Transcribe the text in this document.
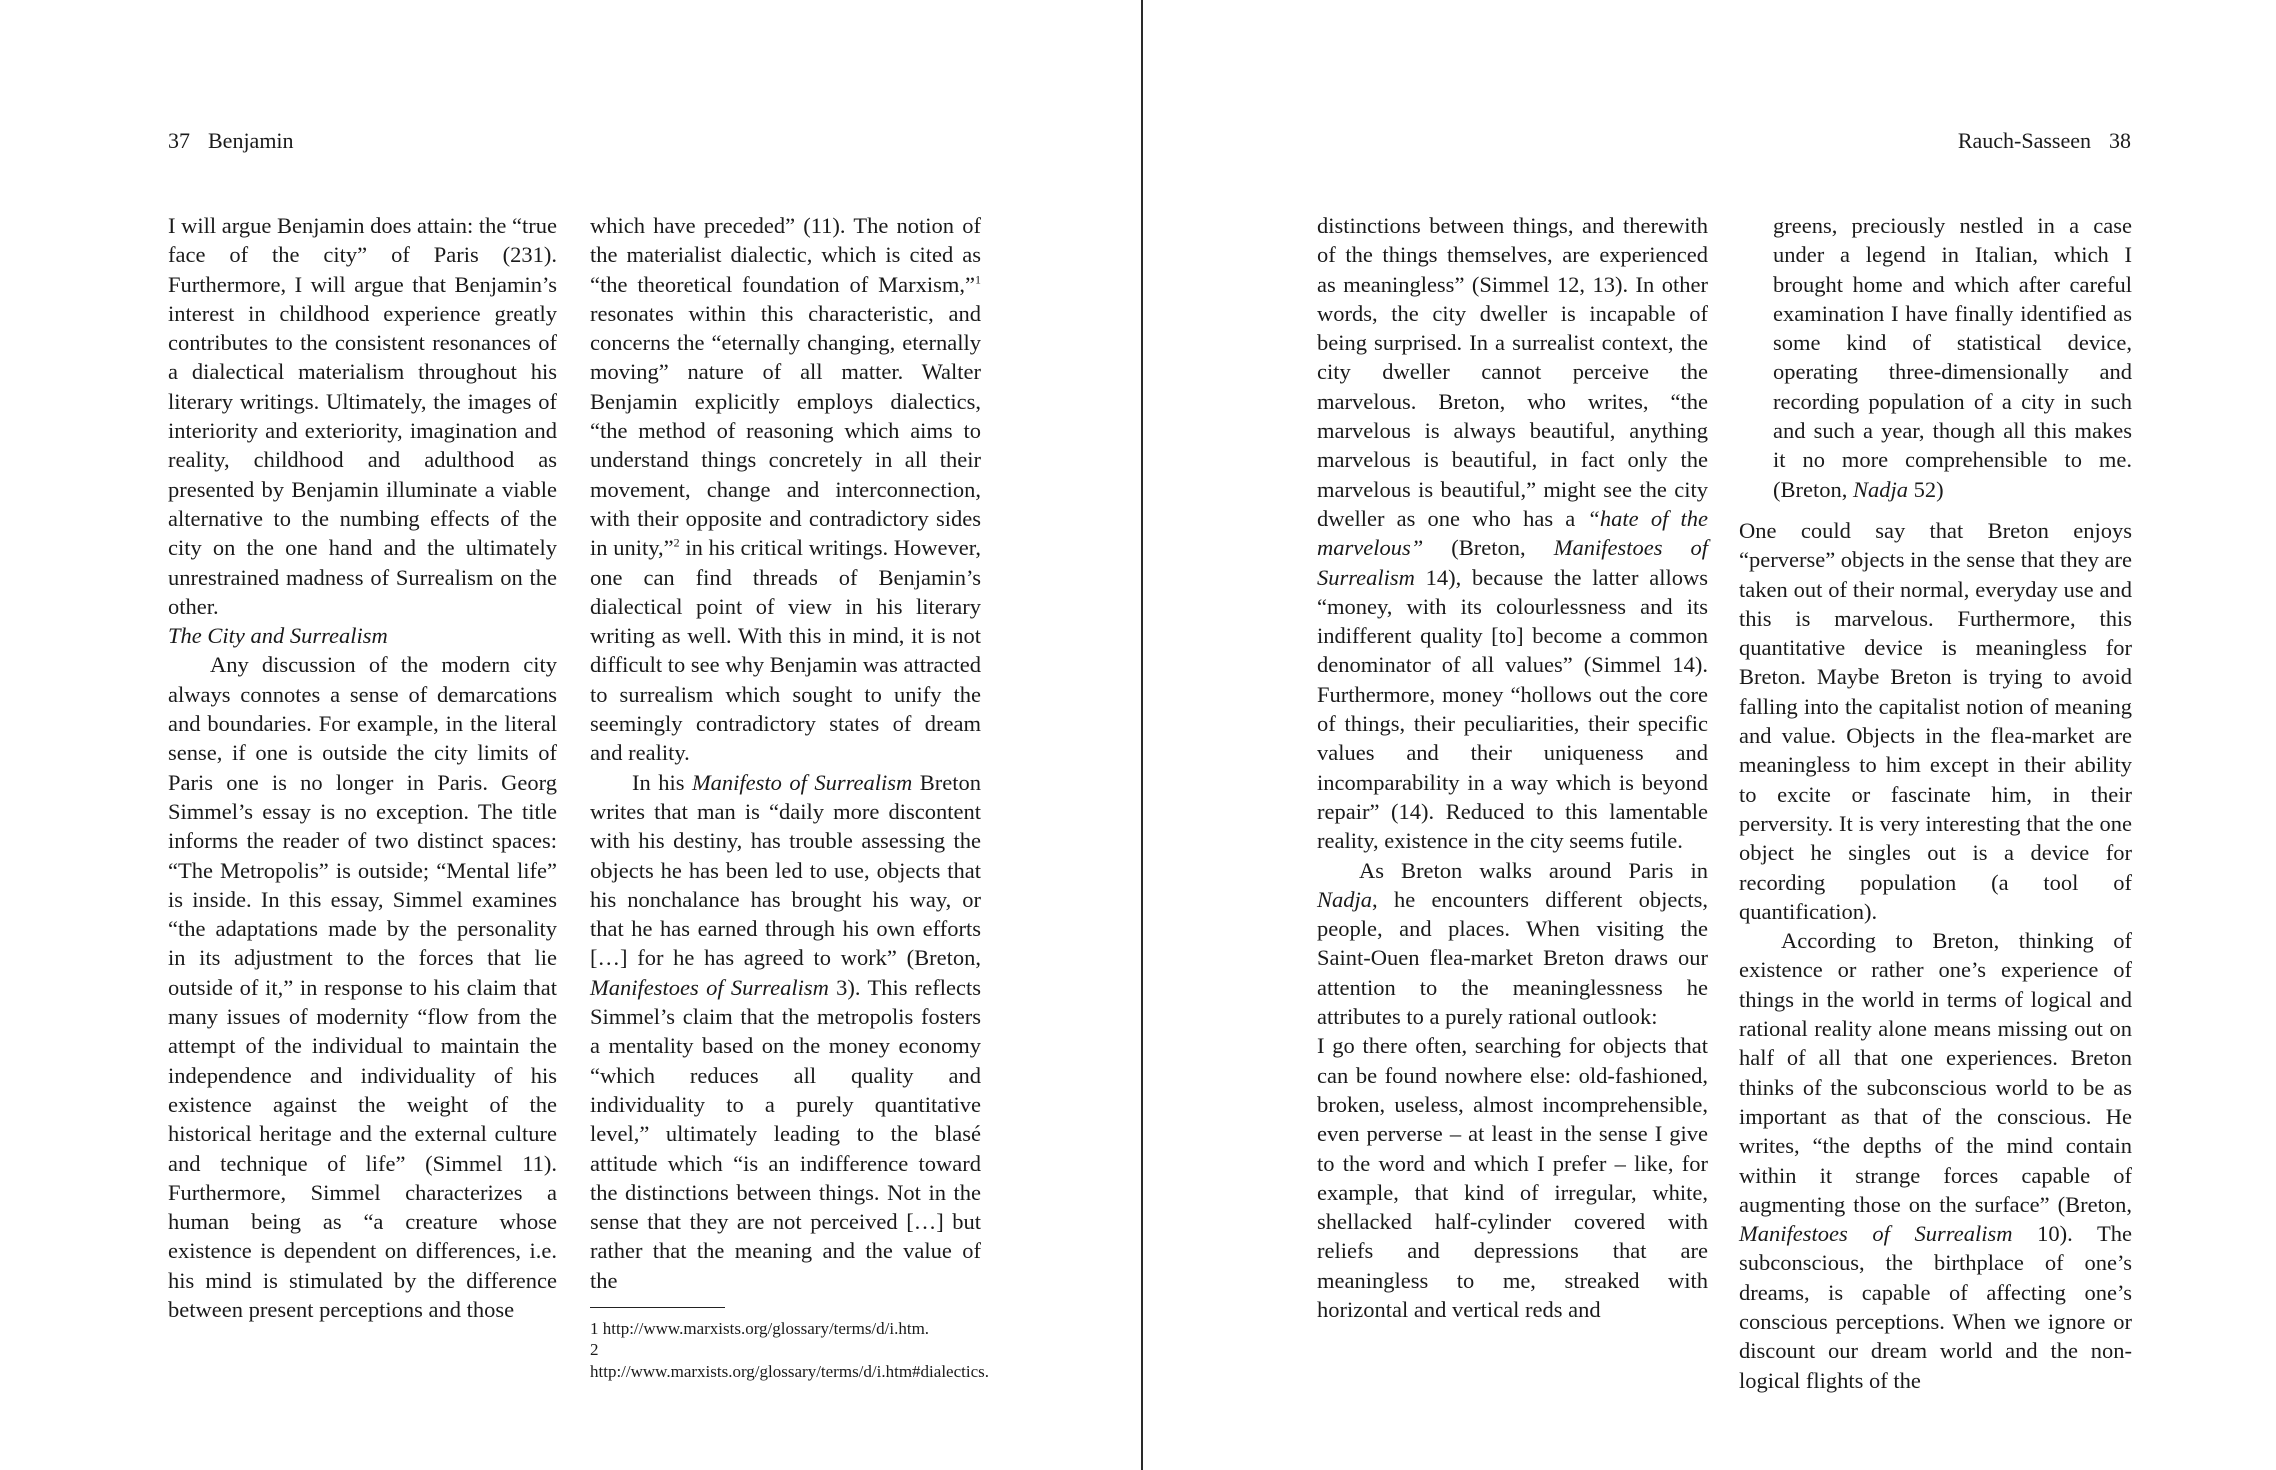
37 Benjamin

I will argue Benjamin does attain: the “true face of the city” of Paris (231). Furthermore, I will argue that Benjamin’s interest in childhood experience greatly contributes to the consistent resonances of a dialectical materialism throughout his literary writings. Ultimately, the images of interiority and exteriority, imagination and reality, childhood and adulthood as presented by Benjamin illuminate a viable alternative to the numbing effects of the city on the one hand and the ultimately unrestrained madness of Surrealism on the other.

The City and Surrealism

Any discussion of the modern city always connotes a sense of demarcations and boundaries. For example, in the literal sense, if one is outside the city limits of Paris one is no longer in Paris. Georg Simmel’s essay is no exception. The title informs the reader of two distinct spaces: “The Metropolis” is outside; “Mental life” is inside. In this essay, Simmel examines “the adaptations made by the personality in its adjustment to the forces that lie outside of it,” in response to his claim that many issues of modernity “flow from the attempt of the individual to maintain the independence and individuality of his existence against the weight of the historical heritage and the external culture and technique of life” (Simmel 11). Furthermore, Simmel characterizes a human being as “a creature whose existence is dependent on differences, i.e. his mind is stimulated by the difference between present perceptions and those

which have preceded” (11). The notion of the materialist dialectic, which is cited as “the theoretical foundation of Marxism,”$^1$ resonates within this characteristic, and concerns the “eternally changing, eternally moving” nature of all matter. Walter Benjamin explicitly employs dialectics, “the method of reasoning which aims to understand things concretely in all their movement, change and interconnection, with their opposite and contradictory sides in unity,”$^2$ in his critical writings. However, one can find threads of Benjamin’s dialectical point of view in his literary writing as well. With this in mind, it is not difficult to see why Benjamin was attracted to surrealism which sought to unify the seemingly contradictory states of dream and reality.

In his Manifesto of Surrealism Breton writes that man is “daily more discontent with his destiny, has trouble assessing the objects he has been led to use, objects that his nonchalance has brought his way, or that he has earned through his own efforts […] for he has agreed to work” (Breton, Manifestoes of Surrealism 3). This reflects Simmel’s claim that the metropolis fosters a mentality based on the money economy “which reduces all quality and individuality to a purely quantitative level,” ultimately leading to the blasé attitude which “is an indifference toward the distinctions between things. Not in the sense that they are not perceived […] but rather that the meaning and the value of the

1 http://www.marxists.org/glossary/terms/d/i.htm.
2 http://www.marxists.org/glossary/terms/d/i.htm#dialectics.
Rauch-Sasseen 38

distinctions between things, and therewith of the things themselves, are experienced as meaningless” (Simmel 12, 13). In other words, the city dweller is incapable of being surprised. In a surrealist context, the city dweller cannot perceive the marvelous. Breton, who writes, “the marvelous is always beautiful, anything marvelous is beautiful, in fact only the marvelous is beautiful,” might see the city dweller as one who has a “hate of the marvelous” (Breton, Manifestoes of Surrealism 14), because the latter allows “money, with its colourlessness and its indifferent quality [to] become a common denominator of all values” (Simmel 14). Furthermore, money “hollows out the core of things, their peculiarities, their specific values and their uniqueness and incomparability in a way which is beyond repair” (14). Reduced to this lamentable reality, existence in the city seems futile.

As Breton walks around Paris in Nadja, he encounters different objects, people, and places. When visiting the Saint-Ouen flea-market Breton draws our attention to the meaninglessness he attributes to a purely rational outlook:

I go there often, searching for objects that can be found nowhere else: old-fashioned, broken, useless, almost incomprehensible, even perverse – at least in the sense I give to the word and which I prefer – like, for example, that kind of irregular, white, shellacked half-cylinder covered with reliefs and depressions that are meaningless to me, streaked with horizontal and vertical reds and

greens, preciously nestled in a case under a legend in Italian, which I brought home and which after careful examination I have finally identified as some kind of statistical device, operating three-dimensionally and recording population of a city in such and such a year, though all this makes it no more comprehensible to me. (Breton, Nadja 52)

One could say that Breton enjoys “perverse” objects in the sense that they are taken out of their normal, everyday use and this is marvelous. Furthermore, this quantitative device is meaningless for Breton. Maybe Breton is trying to avoid falling into the capitalist notion of meaning and value. Objects in the flea-market are meaningless to him except in their ability to excite or fascinate him, in their perversity. It is very interesting that the one object he singles out is a device for recording population (a tool of quantification).

According to Breton, thinking of existence or rather one’s experience of things in the world in terms of logical and rational reality alone means missing out on half of all that one experiences. Breton thinks of the subconscious world to be as important as that of the conscious. He writes, “the depths of the mind contain within it strange forces capable of augmenting those on the surface” (Breton, Manifestoes of Surrealism 10). The subconscious, the birthplace of one’s dreams, is capable of affecting one’s conscious perceptions. When we ignore or discount our dream world and the non-logical flights of the
